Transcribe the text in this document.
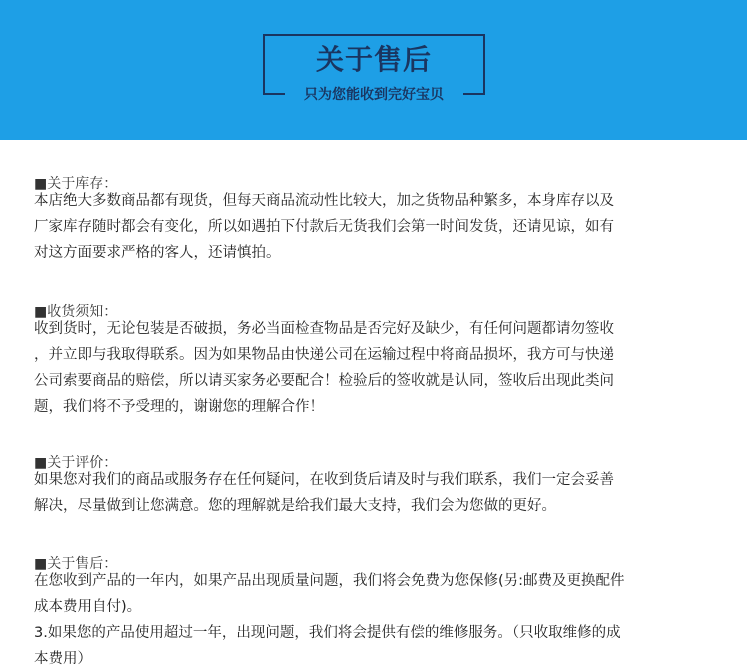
关于售后
只为您能收到完好宝贝
■关于库存：

本店绝大多数商品都有现货，但每天商品流动性比较大，加之货物品种繁多，本身库存以及

厂家库存随时都会有变化，所以如遇拍下付款后无货我们会第一时间发货，还请见谅，如有

对这方面要求严格的客人，还请慎拍。

■收货须知：

收到货时，无论包装是否破损，务必当面检查物品是否完好及缺少，有任何问题都请勿签收

，并立即与我取得联系。因为如果物品由快递公司在运输过程中将商品损坏，我方可与快递

公司索要商品的赔偿，所以请买家务必要配合！检验后的签收就是认同，签收后出现此类问

题，我们将不予受理的，谢谢您的理解合作！

■关于评价：

如果您对我们的商品或服务存在任何疑问，在收到货后请及时与我们联系，我们一定会妥善

解决，尽量做到让您满意。您的理解就是给我们最大支持，我们会为您做的更好。

■关于售后：

在您收到产品的一年内，如果产品出现质量问题，我们将会免费为您保修(另:邮费及更换配件

成本费用自付)。

3.如果您的产品使用超过一年，出现问题，我们将会提供有偿的维修服务。（只收取维修的成

本费用）
